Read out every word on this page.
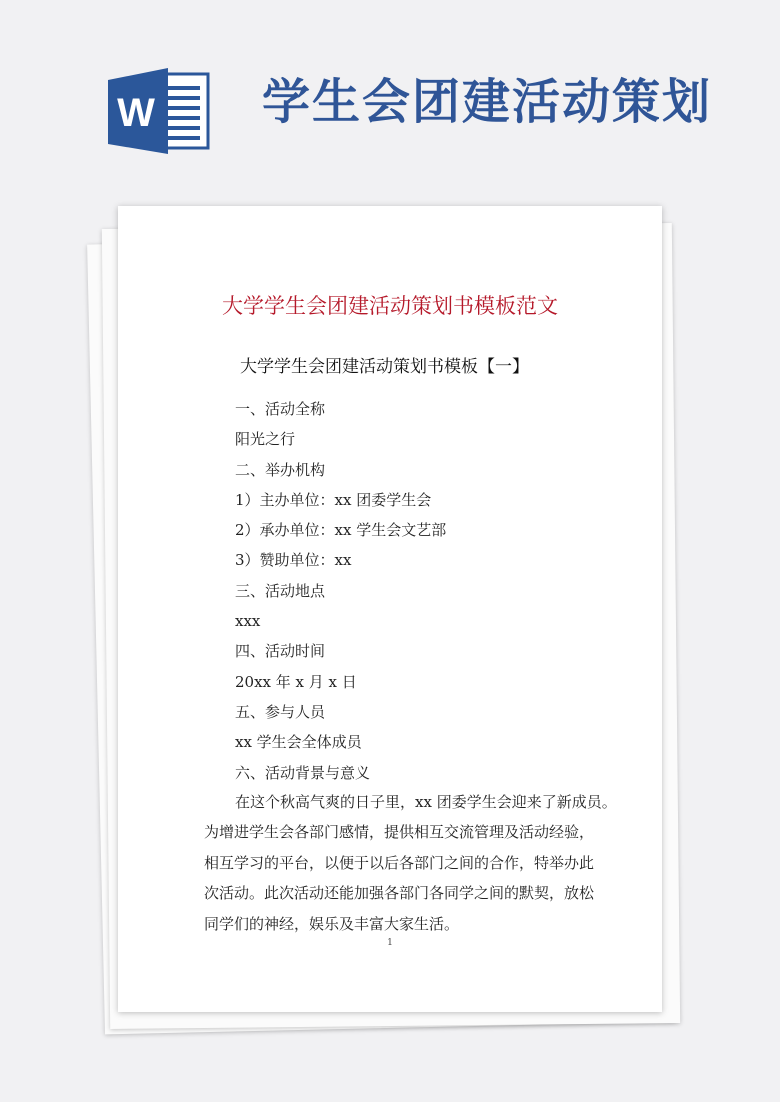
W 学生会团建活动策划
大学学生会团建活动策划书模板范文
大学学生会团建活动策划书模板【一】
一、活动全称
阳光之行
二、举办机构
1）主办单位：xx 团委学生会
2）承办单位：xx 学生会文艺部
3）赞助单位：xx
三、活动地点
xxx
四、活动时间
20xx 年 x 月 x 日
五、参与人员
xx 学生会全体成员
六、活动背景与意义
在这个秋高气爽的日子里，xx 团委学生会迎来了新成员。
为增进学生会各部门感情，提供相互交流管理及活动经验，
相互学习的平台，以便于以后各部门之间的合作，特举办此
次活动。此次活动还能加强各部门各同学之间的默契，放松
同学们的神经，娱乐及丰富大家生活。
1
